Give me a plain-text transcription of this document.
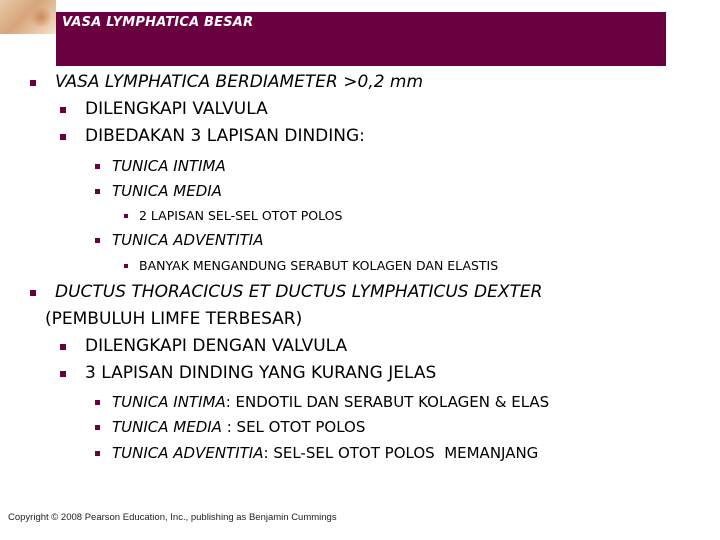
VASA LYMPHATICA BESAR
VASA LYMPHATICA BERDIAMETER >0,2 mm
DILENGKAPI VALVULA
DIBEDAKAN 3 LAPISAN DINDING:
TUNICA INTIMA
TUNICA MEDIA
2 LAPISAN SEL-SEL OTOT POLOS
TUNICA ADVENTITIA
BANYAK MENGANDUNG SERABUT KOLAGEN DAN ELASTIS
DUCTUS THORACICUS ET DUCTUS LYMPHATICUS DEXTER
(PEMBULUH LIMFE TERBESAR)
DILENGKAPI DENGAN VALVULA
3 LAPISAN DINDING YANG KURANG JELAS
TUNICA INTIMA: ENDOTIL DAN SERABUT KOLAGEN & ELAS
TUNICA MEDIA : SEL OTOT POLOS
TUNICA ADVENTITIA: SEL-SEL OTOT POLOS  MEMANJANG
Copyright © 2008 Pearson Education, Inc., publishing as Benjamin Cummings
